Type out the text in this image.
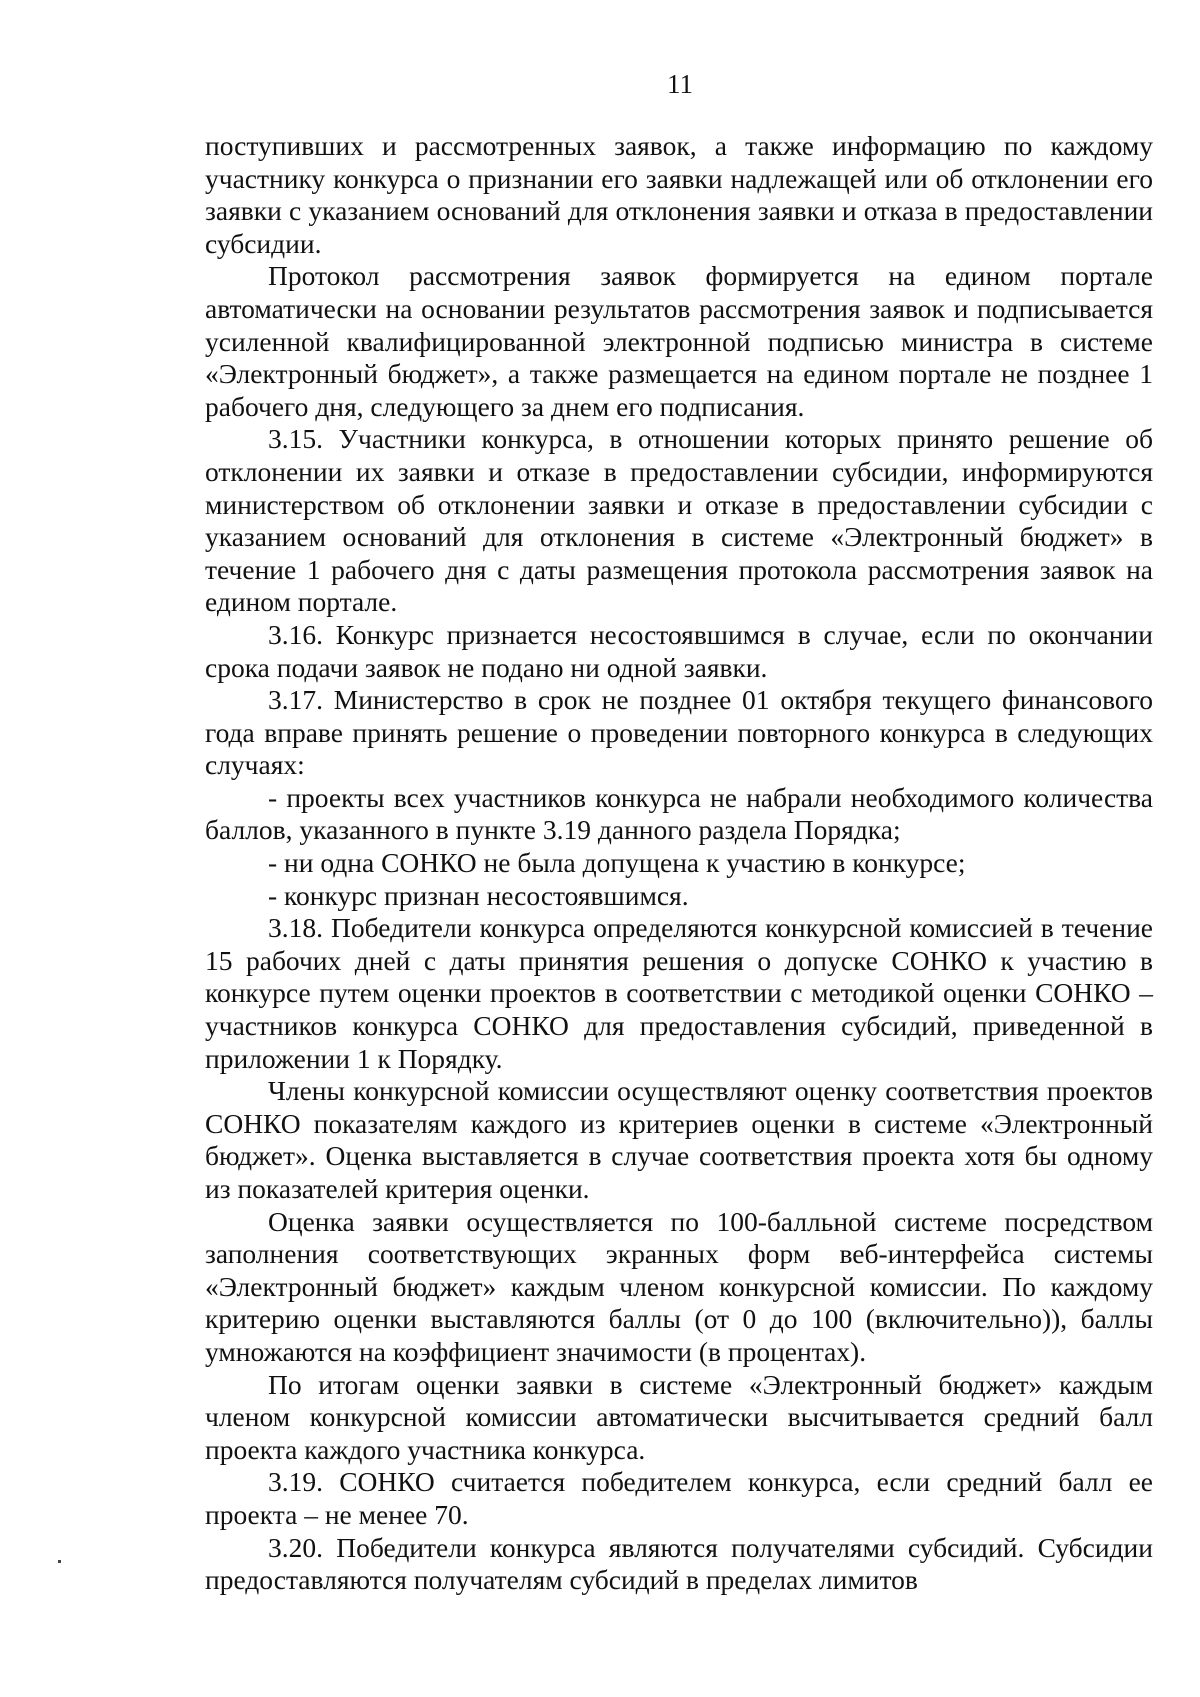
11

поступивших и рассмотренных заявок, а также информацию по каждому участнику конкурса о признании его заявки надлежащей или об отклонении его заявки с указанием оснований для отклонения заявки и отказа в предоставлении субсидии.

Протокол рассмотрения заявок формируется на едином портале автоматически на основании результатов рассмотрения заявок и подписывается усиленной квалифицированной электронной подписью министра в системе «Электронный бюджет», а также размещается на едином портале не позднее 1 рабочего дня, следующего за днем его подписания.

3.15. Участники конкурса, в отношении которых принято решение об отклонении их заявки и отказе в предоставлении субсидии, информируются министерством об отклонении заявки и отказе в предоставлении субсидии с указанием оснований для отклонения в системе «Электронный бюджет» в течение 1 рабочего дня с даты размещения протокола рассмотрения заявок на едином портале.

3.16. Конкурс признается несостоявшимся в случае, если по окончании срока подачи заявок не подано ни одной заявки.

3.17. Министерство в срок не позднее 01 октября текущего финансового года вправе принять решение о проведении повторного конкурса в следующих случаях:

- проекты всех участников конкурса не набрали необходимого количества баллов, указанного в пункте 3.19 данного раздела Порядка;

- ни одна СОНКО не была допущена к участию в конкурсе;

- конкурс признан несостоявшимся.

3.18. Победители конкурса определяются конкурсной комиссией в течение 15 рабочих дней с даты принятия решения о допуске СОНКО к участию в конкурсе путем оценки проектов в соответствии с методикой оценки СОНКО – участников конкурса СОНКО для предоставления субсидий, приведенной в приложении 1 к Порядку.

Члены конкурсной комиссии осуществляют оценку соответствия проектов СОНКО показателям каждого из критериев оценки в системе «Электронный бюджет». Оценка выставляется в случае соответствия проекта хотя бы одному из показателей критерия оценки.

Оценка заявки осуществляется по 100-балльной системе посредством заполнения соответствующих экранных форм веб-интерфейса системы «Электронный бюджет» каждым членом конкурсной комиссии. По каждому критерию оценки выставляются баллы (от 0 до 100 (включительно)), баллы умножаются на коэффициент значимости (в процентах).

По итогам оценки заявки в системе «Электронный бюджет» каждым членом конкурсной комиссии автоматически высчитывается средний балл проекта каждого участника конкурса.

3.19. СОНКО считается победителем конкурса, если средний балл ее проекта – не менее 70.

3.20. Победители конкурса являются получателями субсидий. Субсидии предоставляются получателям субсидий в пределах лимитов
